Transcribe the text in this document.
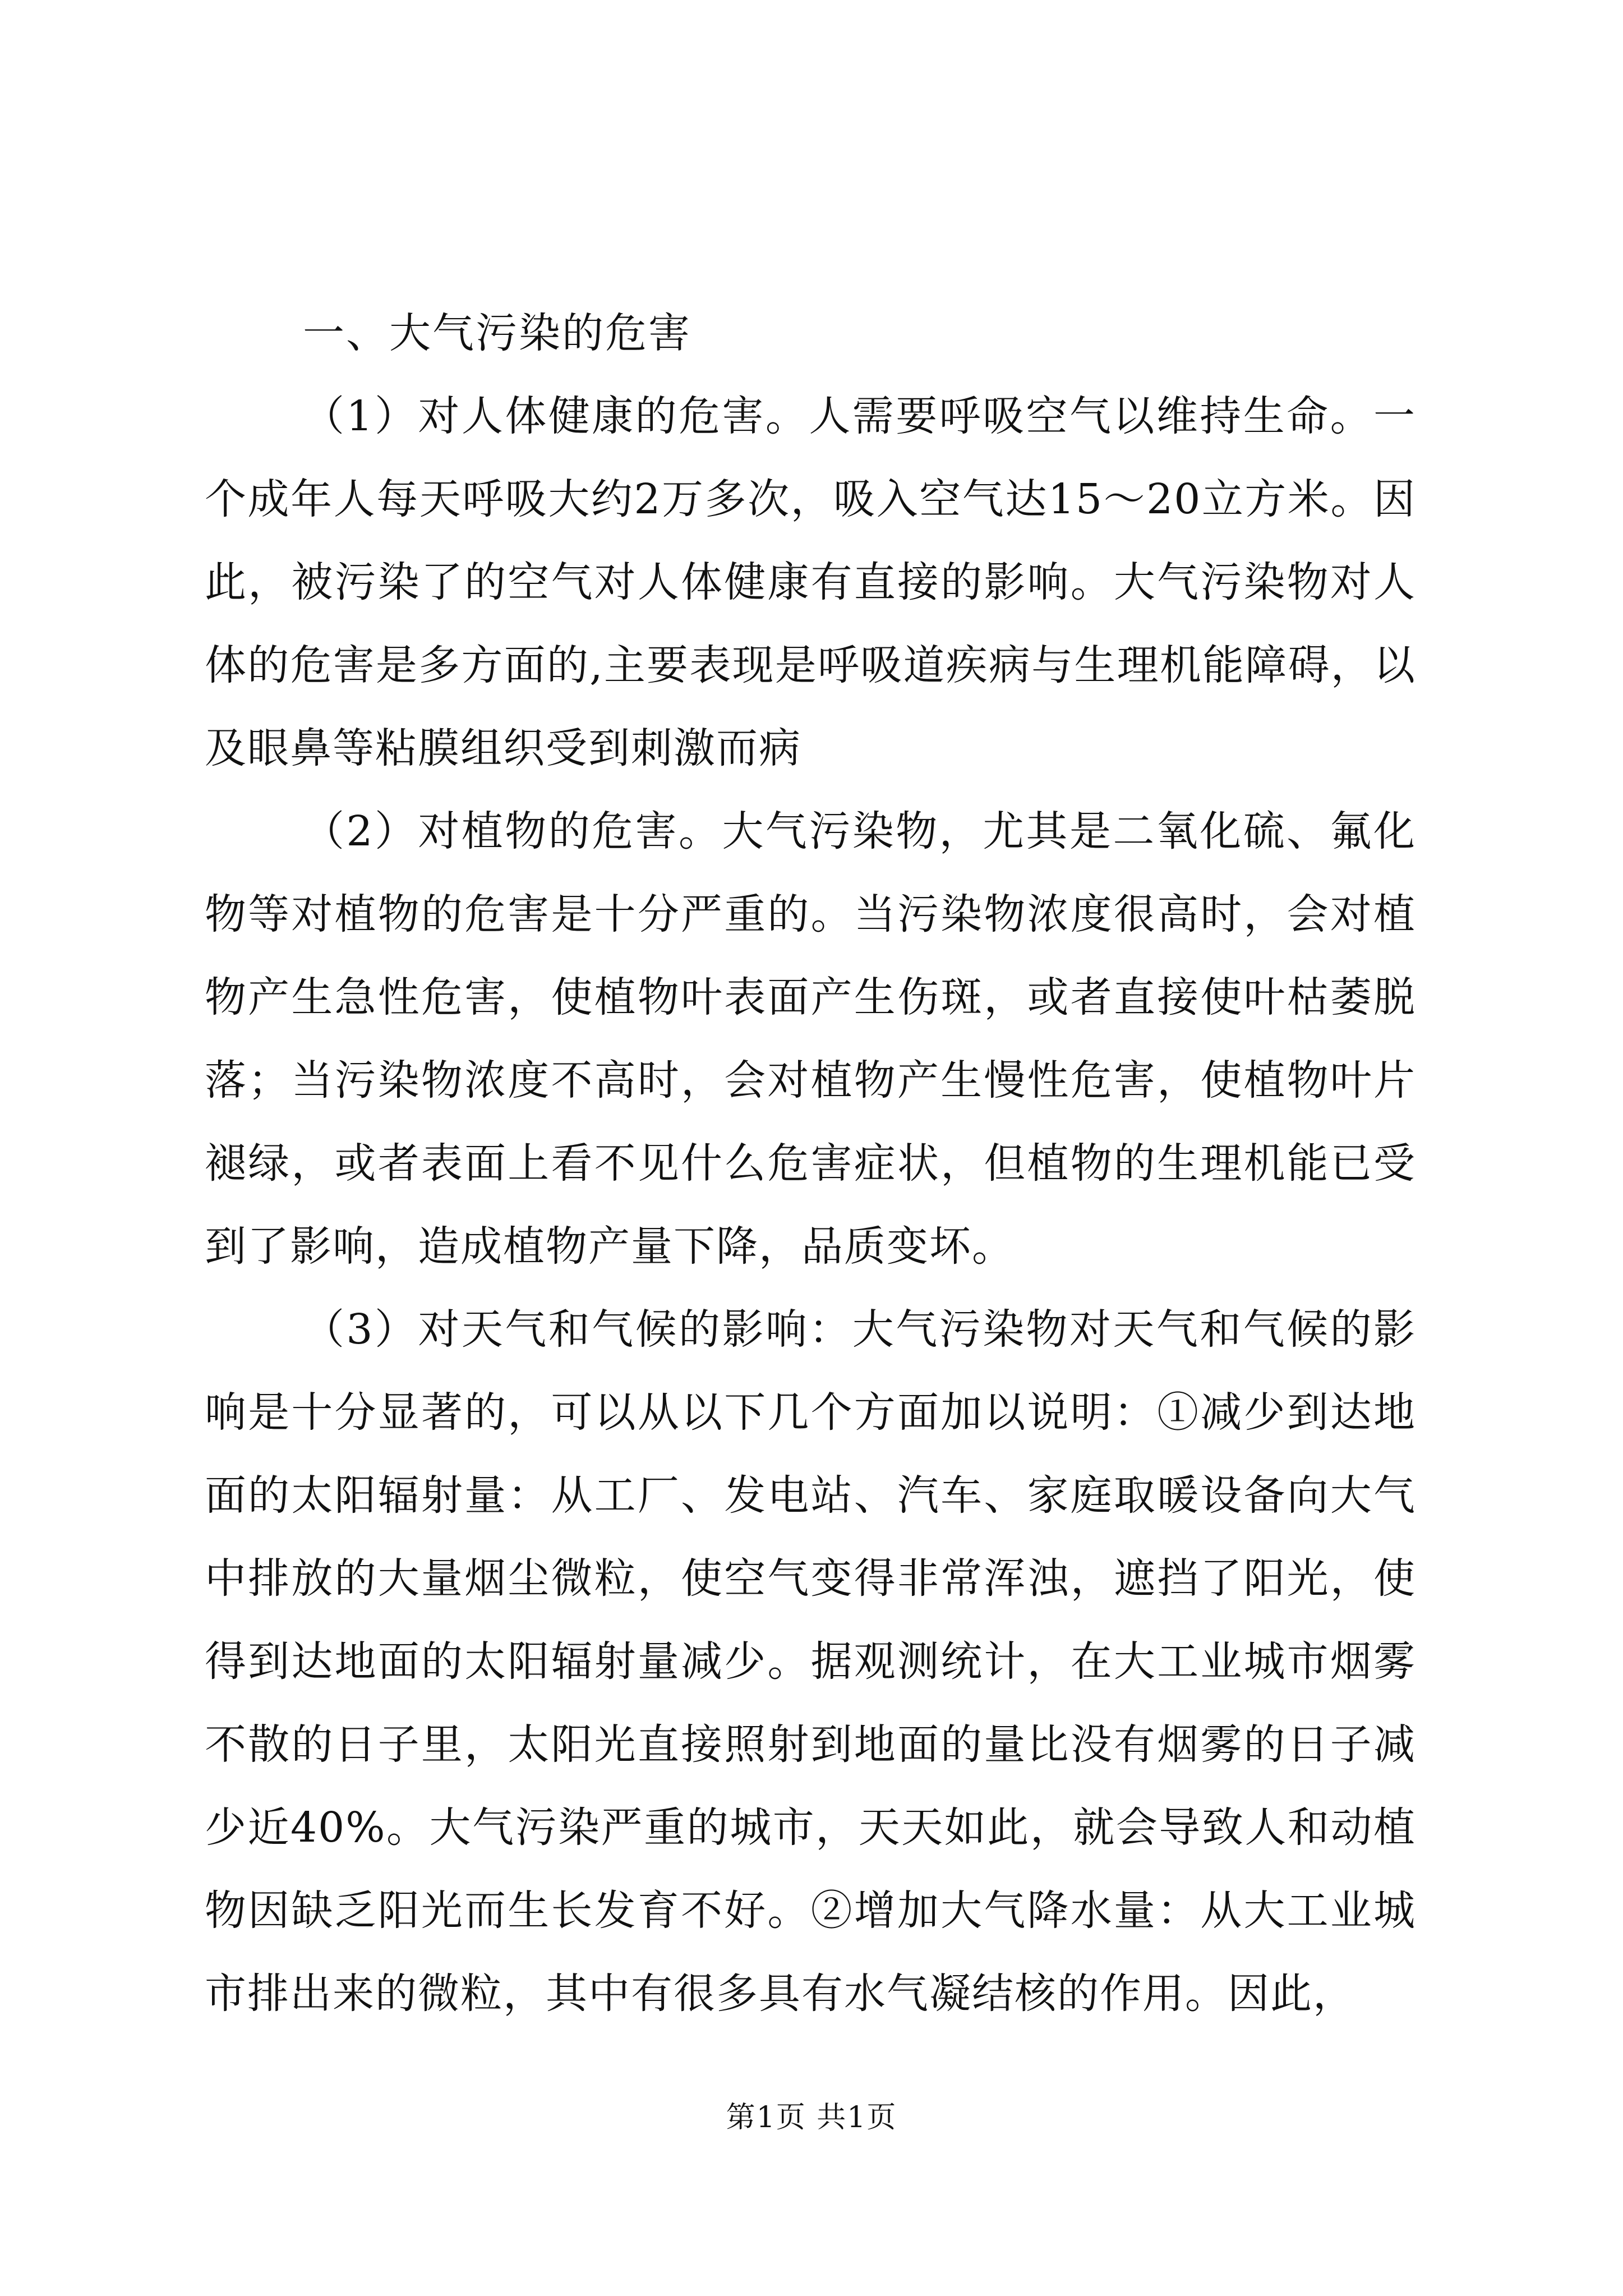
一、大气污染的危害

（1）对人体健康的危害。人需要呼吸空气以维持生命。一个成年人每天呼吸大约2万多次，吸入空气达15～20立方米。因此，被污染了的空气对人体健康有直接的影响。大气污染物对人体的危害是多方面的,主要表现是呼吸道疾病与生理机能障碍，以及眼鼻等粘膜组织受到刺激而病

（2）对植物的危害。大气污染物，尤其是二氧化硫、氟化物等对植物的危害是十分严重的。当污染物浓度很高时，会对植物产生急性危害，使植物叶表面产生伤斑，或者直接使叶枯萎脱落；当污染物浓度不高时，会对植物产生慢性危害，使植物叶片褪绿，或者表面上看不见什么危害症状，但植物的生理机能已受到了影响，造成植物产量下降，品质变坏。

（3）对天气和气候的影响：大气污染物对天气和气候的影响是十分显著的，可以从以下几个方面加以说明：①减少到达地面的太阳辐射量：从工厂、发电站、汽车、家庭取暖设备向大气中排放的大量烟尘微粒，使空气变得非常浑浊，遮挡了阳光，使得到达地面的太阳辐射量减少。据观测统计，在大工业城市烟雾不散的日子里，太阳光直接照射到地面的量比没有烟雾的日子减少近40%。大气污染严重的城市，天天如此，就会导致人和动植物因缺乏阳光而生长发育不好。②增加大气降水量：从大工业城市排出来的微粒，其中有很多具有水气凝结核的作用。因此，

第1页 共1页
